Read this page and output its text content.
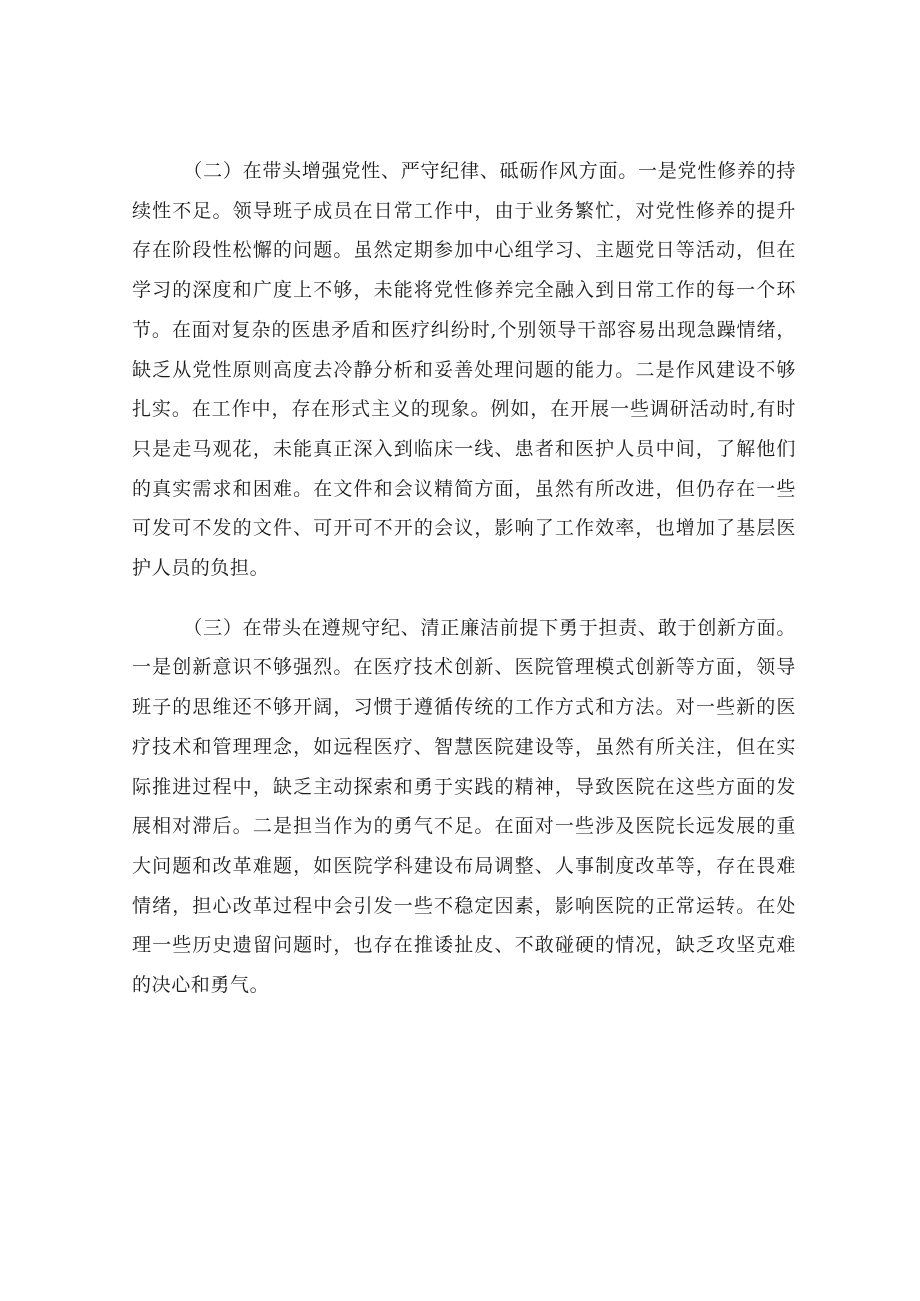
（二）在带头增强党性、严守纪律、砥砺作风方面。一是党性修养的持续性不足。领导班子成员在日常工作中，由于业务繁忙，对党性修养的提升存在阶段性松懈的问题。虽然定期参加中心组学习、主题党日等活动，但在学习的深度和广度上不够，未能将党性修养完全融入到日常工作的每一个环节。在面对复杂的医患矛盾和医疗纠纷时,个别领导干部容易出现急躁情绪，缺乏从党性原则高度去冷静分析和妥善处理问题的能力。二是作风建设不够扎实。在工作中，存在形式主义的现象。例如，在开展一些调研活动时,有时只是走马观花，未能真正深入到临床一线、患者和医护人员中间，了解他们的真实需求和困难。在文件和会议精简方面，虽然有所改进，但仍存在一些可发可不发的文件、可开可不开的会议，影响了工作效率，也增加了基层医护人员的负担。

（三）在带头在遵规守纪、清正廉洁前提下勇于担责、敢于创新方面。一是创新意识不够强烈。在医疗技术创新、医院管理模式创新等方面，领导班子的思维还不够开阔，习惯于遵循传统的工作方式和方法。对一些新的医疗技术和管理理念，如远程医疗、智慧医院建设等，虽然有所关注，但在实际推进过程中，缺乏主动探索和勇于实践的精神，导致医院在这些方面的发展相对滞后。二是担当作为的勇气不足。在面对一些涉及医院长远发展的重大问题和改革难题，如医院学科建设布局调整、人事制度改革等，存在畏难情绪，担心改革过程中会引发一些不稳定因素，影响医院的正常运转。在处理一些历史遗留问题时，也存在推诿扯皮、不敢碰硬的情况，缺乏攻坚克难的决心和勇气。
